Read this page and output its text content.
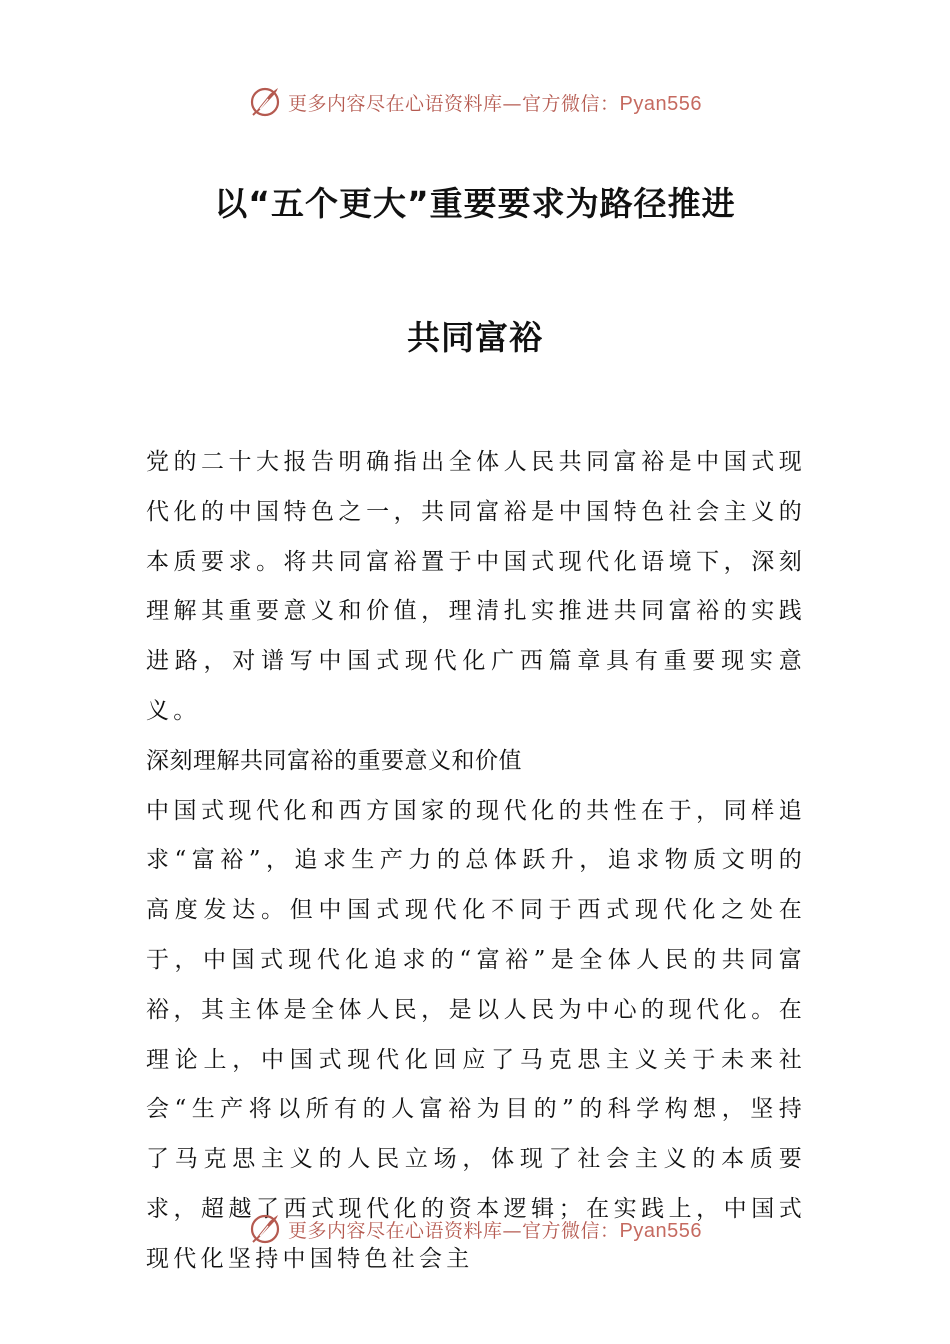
更多内容尽在心语资料库—官方微信：Pyan556
以“五个更大”重要要求为路径推进
共同富裕

党的二十大报告明确指出全体人民共同富裕是中国式现代化的中国特色之一，共同富裕是中国特色社会主义的本质要求。将共同富裕置于中国式现代化语境下，深刻理解其重要意义和价值，理清扎实推进共同富裕的实践进路，对谱写中国式现代化广西篇章具有重要现实意义。

深刻理解共同富裕的重要意义和价值

中国式现代化和西方国家的现代化的共性在于，同样追求“富裕”，追求生产力的总体跃升，追求物质文明的高度发达。但中国式现代化不同于西式现代化之处在于，中国式现代化追求的“富裕”是全体人民的共同富裕，其主体是全体人民，是以人民为中心的现代化。在理论上，中国式现代化回应了马克思主义关于未来社会“生产将以所有的人富裕为目的”的科学构想，坚持了马克思主义的人民立场，体现了社会主义的本质要求，超越了西式现代化的资本逻辑；在实践上，中国式现代化坚持中国特色社会主

更多内容尽在心语资料库—官方微信：Pyan556
